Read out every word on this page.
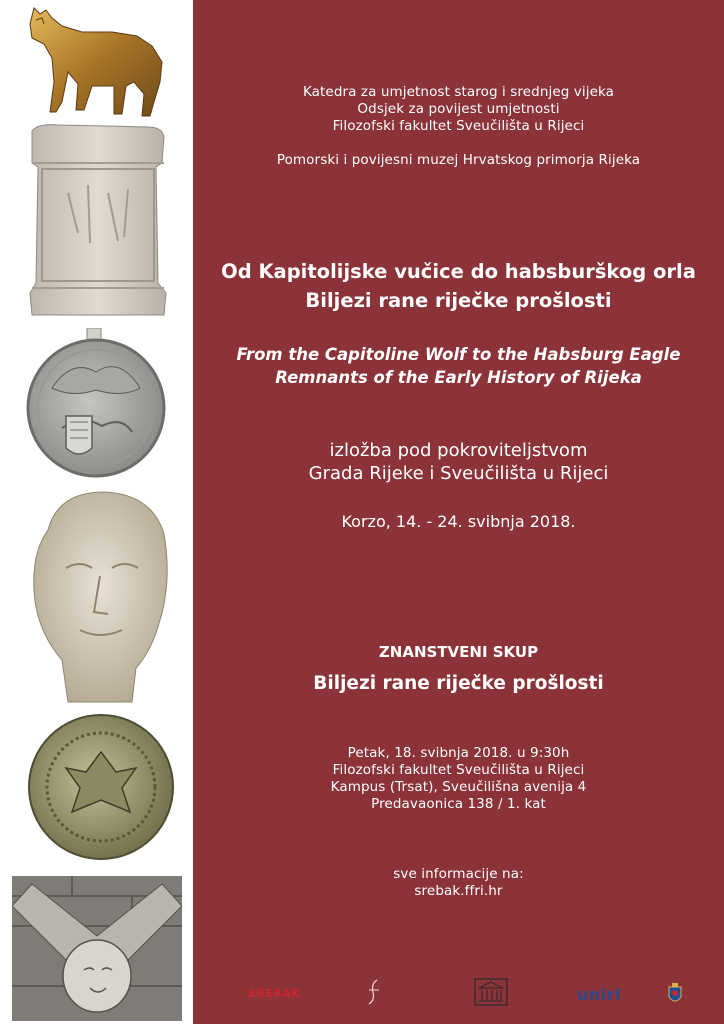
Katedra za umjetnost starog i srednjeg vijeka
Odsjek za povijest umjetnosti
Filozofski fakultet Sveučilišta u Rijeci
Pomorski i povijesni muzej Hrvatskog primorja Rijeka
Od Kapitolijske vučice do habsburškog orla
Biljezi rane riječke prošlosti
From the Capitoline Wolf to the Habsburg Eagle
Remnants of the Early History of Rijeka
izložba pod pokroviteljstvom
Grada Rijeke i Sveučilišta u Rijeci
Korzo, 14. - 24. svibnja 2018.
ZNANSTVENI SKUP
Biljezi rane riječke prošlosti
Petak, 18. svibnja 2018. u 9:30h
Filozofski fakultet Sveučilišta u Rijeci
Kampus (Trsat), Sveučilišna avenija 4
Predavaonica 138 / 1. kat
sve informacije na:
srebak.ffri.hr
SREBAK	uniri
